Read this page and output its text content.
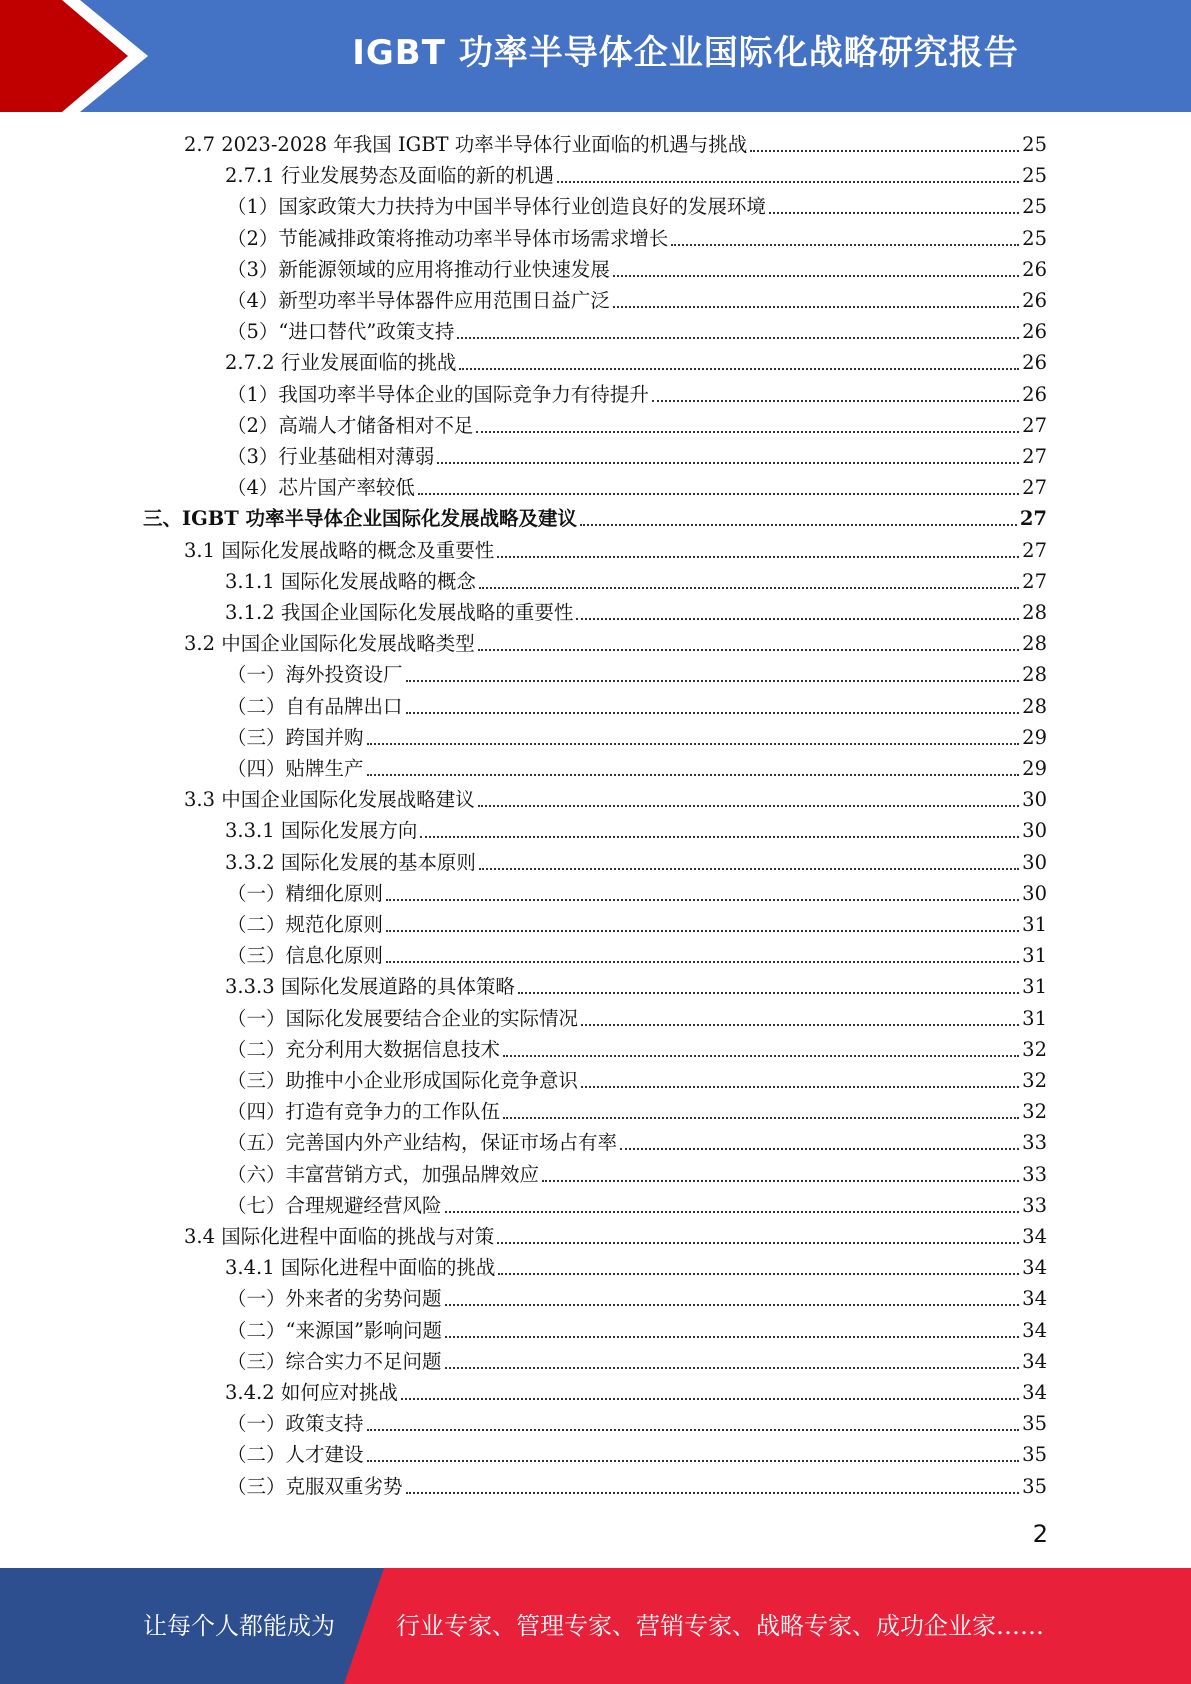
IGBT 功率半导体企业国际化战略研究报告
2.7 2023-2028 年我国 IGBT 功率半导体行业面临的机遇与挑战	25
2.7.1 行业发展势态及面临的新的机遇	25
（1）国家政策大力扶持为中国半导体行业创造良好的发展环境	25
（2）节能减排政策将推动功率半导体市场需求增长	25
（3）新能源领域的应用将推动行业快速发展	26
（4）新型功率半导体器件应用范围日益广泛	26
（5）“进口替代”政策支持	26
2.7.2 行业发展面临的挑战	26
（1）我国功率半导体企业的国际竞争力有待提升	26
（2）高端人才储备相对不足	27
（3）行业基础相对薄弱	27
（4）芯片国产率较低	27
三、IGBT 功率半导体企业国际化发展战略及建议	27
3.1 国际化发展战略的概念及重要性	27
3.1.1 国际化发展战略的概念	27
3.1.2 我国企业国际化发展战略的重要性	28
3.2 中国企业国际化发展战略类型	28
（一）海外投资设厂	28
（二）自有品牌出口	28
（三）跨国并购	29
（四）贴牌生产	29
3.3 中国企业国际化发展战略建议	30
3.3.1 国际化发展方向	30
3.3.2 国际化发展的基本原则	30
（一）精细化原则	30
（二）规范化原则	31
（三）信息化原则	31
3.3.3 国际化发展道路的具体策略	31
（一）国际化发展要结合企业的实际情况	31
（二）充分利用大数据信息技术	32
（三）助推中小企业形成国际化竞争意识	32
（四）打造有竞争力的工作队伍	32
（五）完善国内外产业结构，保证市场占有率	33
（六）丰富营销方式，加强品牌效应	33
（七）合理规避经营风险	33
3.4 国际化进程中面临的挑战与对策	34
3.4.1 国际化进程中面临的挑战	34
（一）外来者的劣势问题	34
（二）“来源国”影响问题	34
（三）综合实力不足问题	34
3.4.2 如何应对挑战	34
（一）政策支持	35
（二）人才建设	35
（三）克服双重劣势	35
2
让每个人都能成为	行业专家、管理专家、营销专家、战略专家、成功企业家……
